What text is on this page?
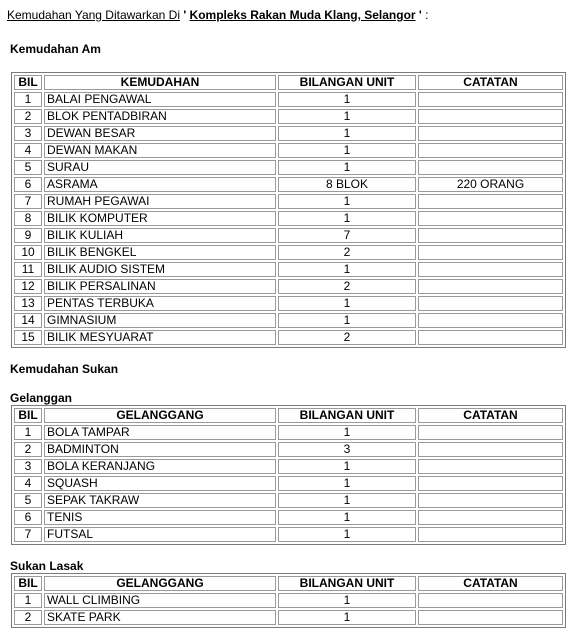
Kemudahan Yang Ditawarkan Di ' Kompleks Rakan Muda Klang, Selangor ' :
Kemudahan Am
BIL	KEMUDAHAN	BILANGAN UNIT	CATATAN
1	BALAI PENGAWAL	1	
2	BLOK PENTADBIRAN	1	
3	DEWAN BESAR	1	
4	DEWAN MAKAN	1	
5	SURAU	1	
6	ASRAMA	8 BLOK	220 ORANG
7	RUMAH PEGAWAI	1	
8	BILIK KOMPUTER	1	
9	BILIK KULIAH	7	
10	BILIK BENGKEL	2	
11	BILIK AUDIO SISTEM	1	
12	BILIK PERSALINAN	2	
13	PENTAS TERBUKA	1	
14	GIMNASIUM	1	
15	BILIK MESYUARAT	2	
Kemudahan Sukan
Gelanggan
BIL	GELANGGANG	BILANGAN UNIT	CATATAN
1	BOLA TAMPAR	1	
2	BADMINTON	3	
3	BOLA KERANJANG	1	
4	SQUASH	1	
5	SEPAK TAKRAW	1	
6	TENIS	1	
7	FUTSAL	1	
Sukan Lasak
BIL	GELANGGANG	BILANGAN UNIT	CATATAN
1	WALL CLIMBING	1	
2	SKATE PARK	1	
